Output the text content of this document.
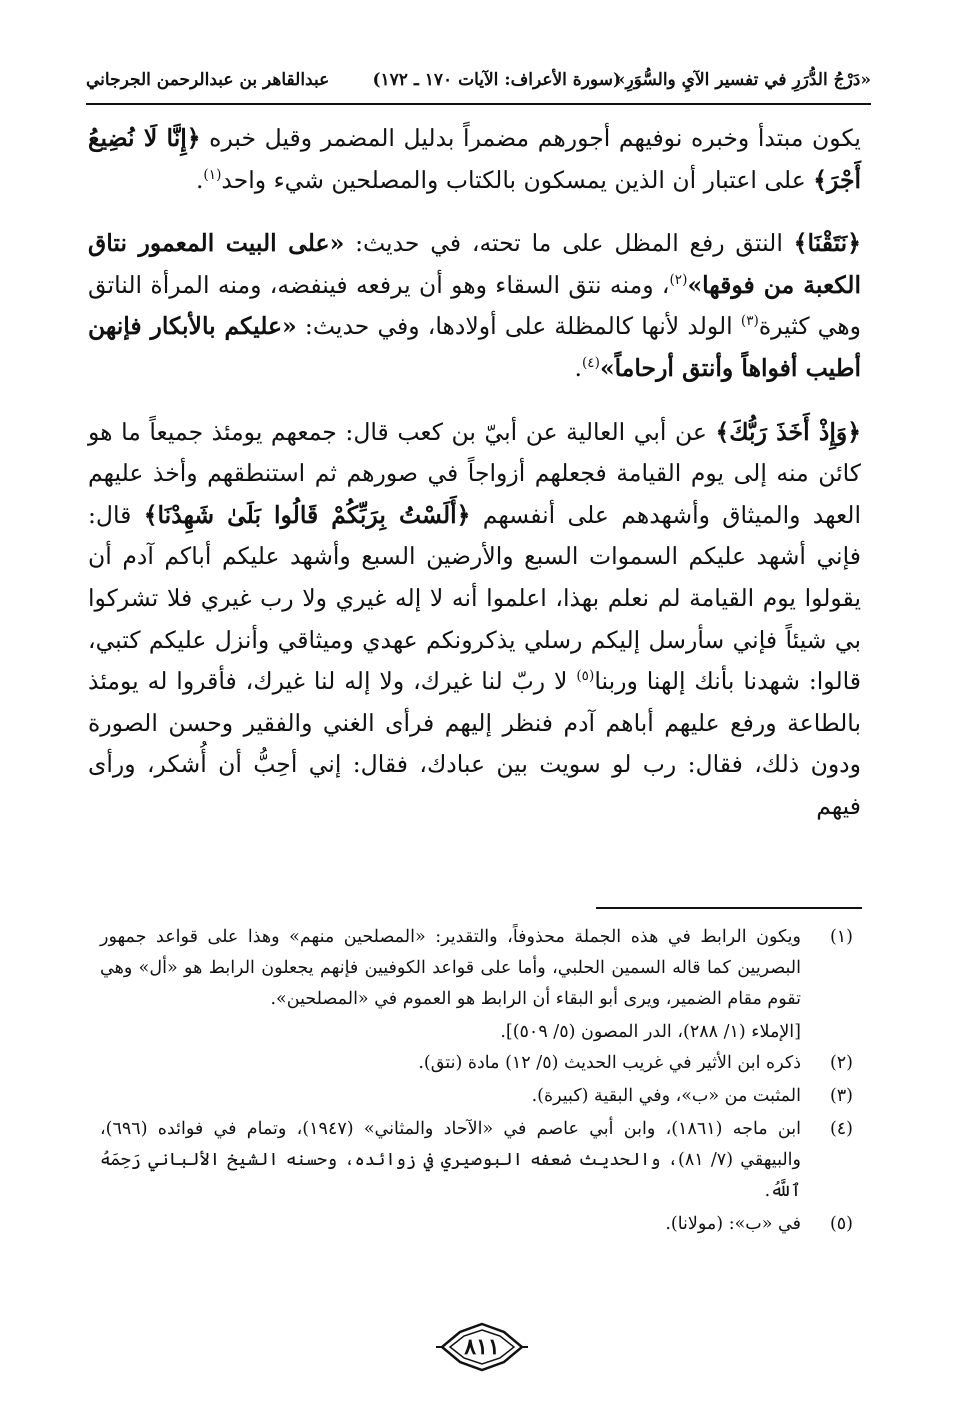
«دَرْجُ الدُّرَرِ في تفسير الآيِ والسُّوَرِ»
(سورة الأعراف: الآيات ١٧٠ ـ ١٧٢)
عبدالقاهر بن عبدالرحمن الجرجاني

يكون مبتدأ وخبره نوفيهم أجورهم مضمراً بدليل المضمر وقيل خبره ﴿إِنَّا لَا نُضِيعُ أَجْرَ﴾ على اعتبار أن الذين يمسكون بالكتاب والمصلحين شيء واحد$^{(١)}$.

﴿نَتَقْنَا﴾ النتق رفع المظل على ما تحته، في حديث: «على البيت المعمور نتاق الكعبة من فوقها»$^{(٢)}$، ومنه نتق السقاء وهو أن يرفعه فينفضه، ومنه المرأة الناتق وهي كثيرة$^{(٣)}$ الولد لأنها كالمظلة على أولادها، وفي حديث: «عليكم بالأبكار فإنهن أطيب أفواهاً وأنتق أرحاماً»$^{(٤)}$.

﴿وَإِذْ أَخَذَ رَبُّكَ﴾ عن أبي العالية عن أبيّ بن كعب قال: جمعهم يومئذ جميعاً ما هو كائن منه إلى يوم القيامة فجعلهم أزواجاً في صورهم ثم استنطقهم وأخذ عليهم العهد والميثاق وأشهدهم على أنفسهم ﴿أَلَسْتُ بِرَبِّكُمْ قَالُوا بَلَىٰ شَهِدْنَا﴾ قال: فإني أشهد عليكم السموات السبع والأرضين السبع وأشهد عليكم أباكم آدم أن يقولوا يوم القيامة لم نعلم بهذا، اعلموا أنه لا إله غيري ولا رب غيري فلا تشركوا بي شيئاً فإني سأرسل إليكم رسلي يذكرونكم عهدي وميثاقي وأنزل عليكم كتبي، قالوا: شهدنا بأنك إلهنا وربنا$^{(٥)}$ لا ربّ لنا غيرك، ولا إله لنا غيرك، فأقروا له يومئذ بالطاعة ورفع عليهم أباهم آدم فنظر إليهم فرأى الغني والفقير وحسن الصورة ودون ذلك، فقال: رب لو سويت بين عبادك، فقال: إني أحِبُّ أن أُشكر، ورأى فيهم

(١)
ويكون الرابط في هذه الجملة محذوفاً، والتقدير: «المصلحين منهم» وهذا على قواعد جمهور البصريين كما قاله السمين الحلبي، وأما على قواعد الكوفيين فإنهم يجعلون الرابط هو «أل» وهي تقوم مقام الضمير، ويرى أبو البقاء أن الرابط هو العموم في «المصلحين».
[الإملاء (١/ ٢٨٨)، الدر المصون (٥/ ٥٠٩)].
(٢)
ذكره ابن الأثير في غريب الحديث (٥/ ١٢) مادة (نتق).
(٣)
المثبت من «ب»، وفي البقية (كبيرة).
(٤)
ابن ماجه (١٨٦١)، وابن أبي عاصم في «الآحاد والمثاني» (١٩٤٧)، وتمام في فوائده (٦٩٦)، والبيهقي (٧/ ٨١)، والحديث ضعفه البوصيري في زوائده، وحسنه الشيخ الألباني رَحِمَهُ ٱللَّهُ.
(٥)
في «ب»: (مولانا).
٨١١
